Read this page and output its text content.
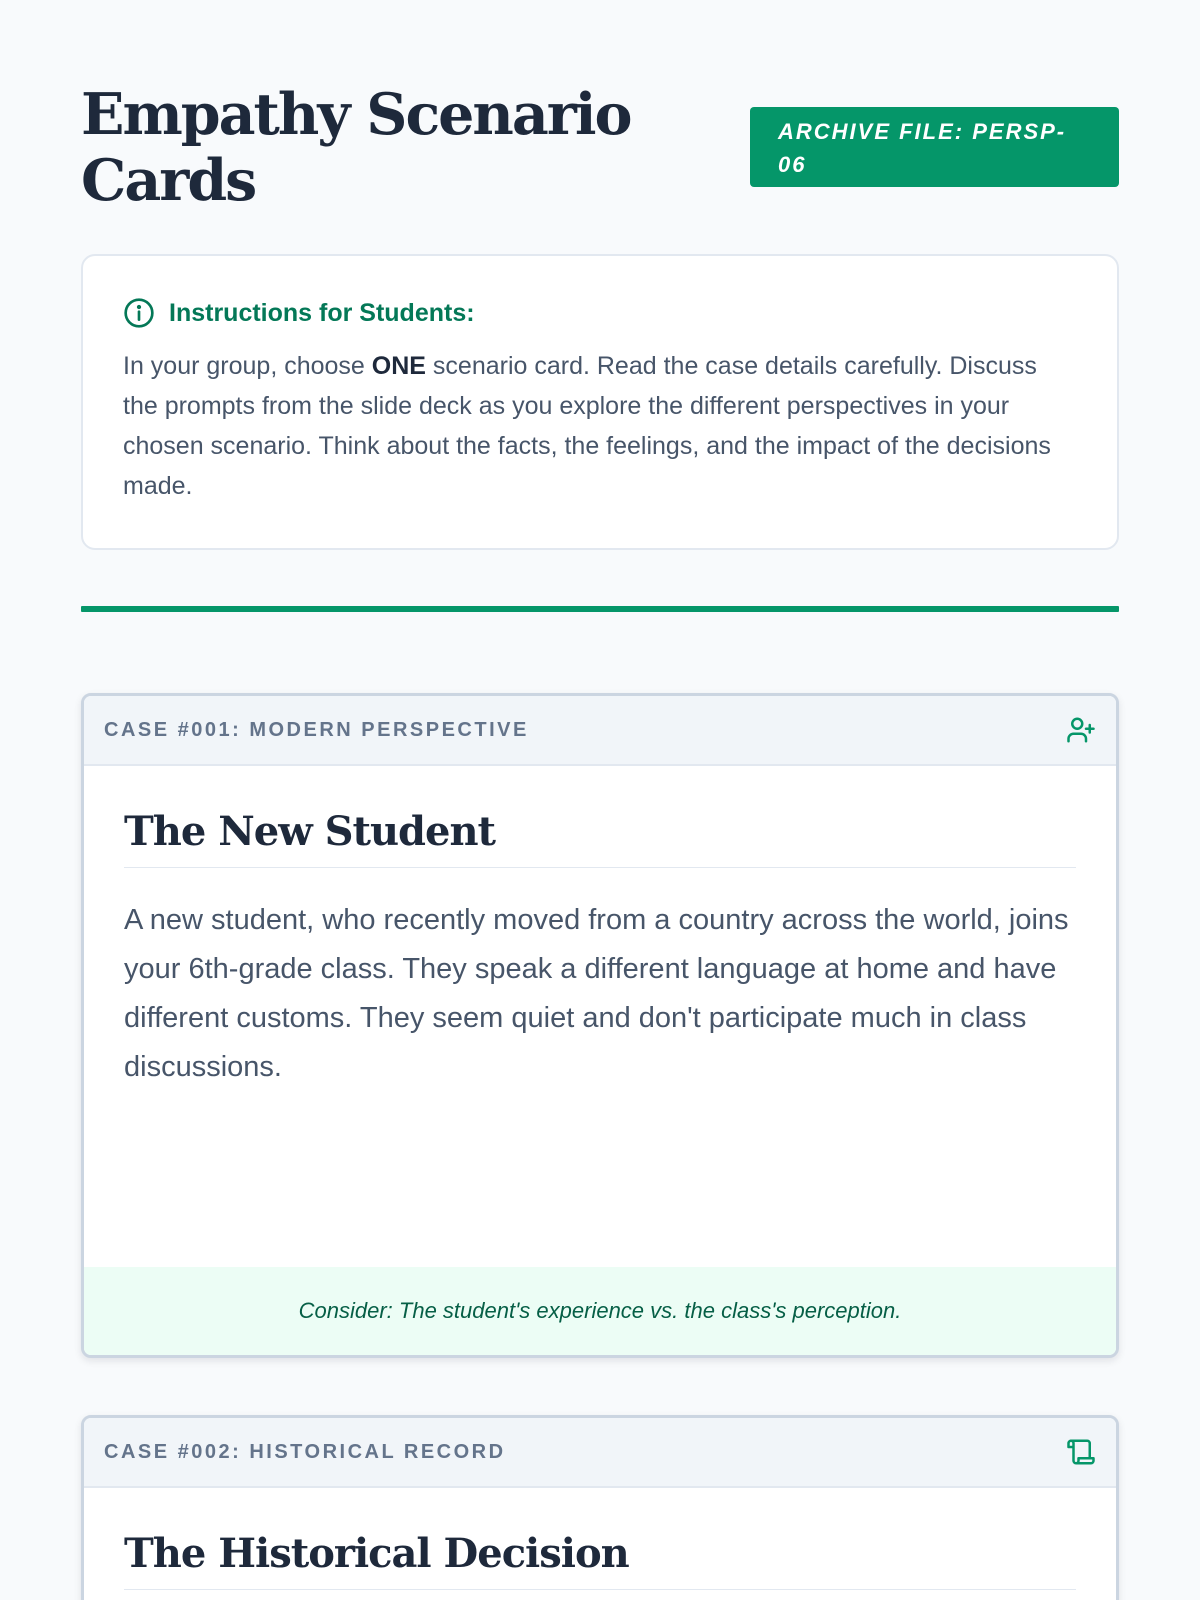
Empathy Scenario Cards
ARCHIVE FILE: PERSP-06
Instructions for Students:

In your group, choose ONE scenario card. Read the case details carefully. Discuss the prompts from the slide deck as you explore the different perspectives in your chosen scenario. Think about the facts, the feelings, and the impact of the decisions made.

CASE #001: MODERN PERSPECTIVE
The New Student

A new student, who recently moved from a country across the world, joins your 6th-grade class. They speak a different language at home and have different customs. They seem quiet and don't participate much in class discussions.

Consider: The student's experience vs. the class's perception.
CASE #002: HISTORICAL RECORD
The Historical Decision
